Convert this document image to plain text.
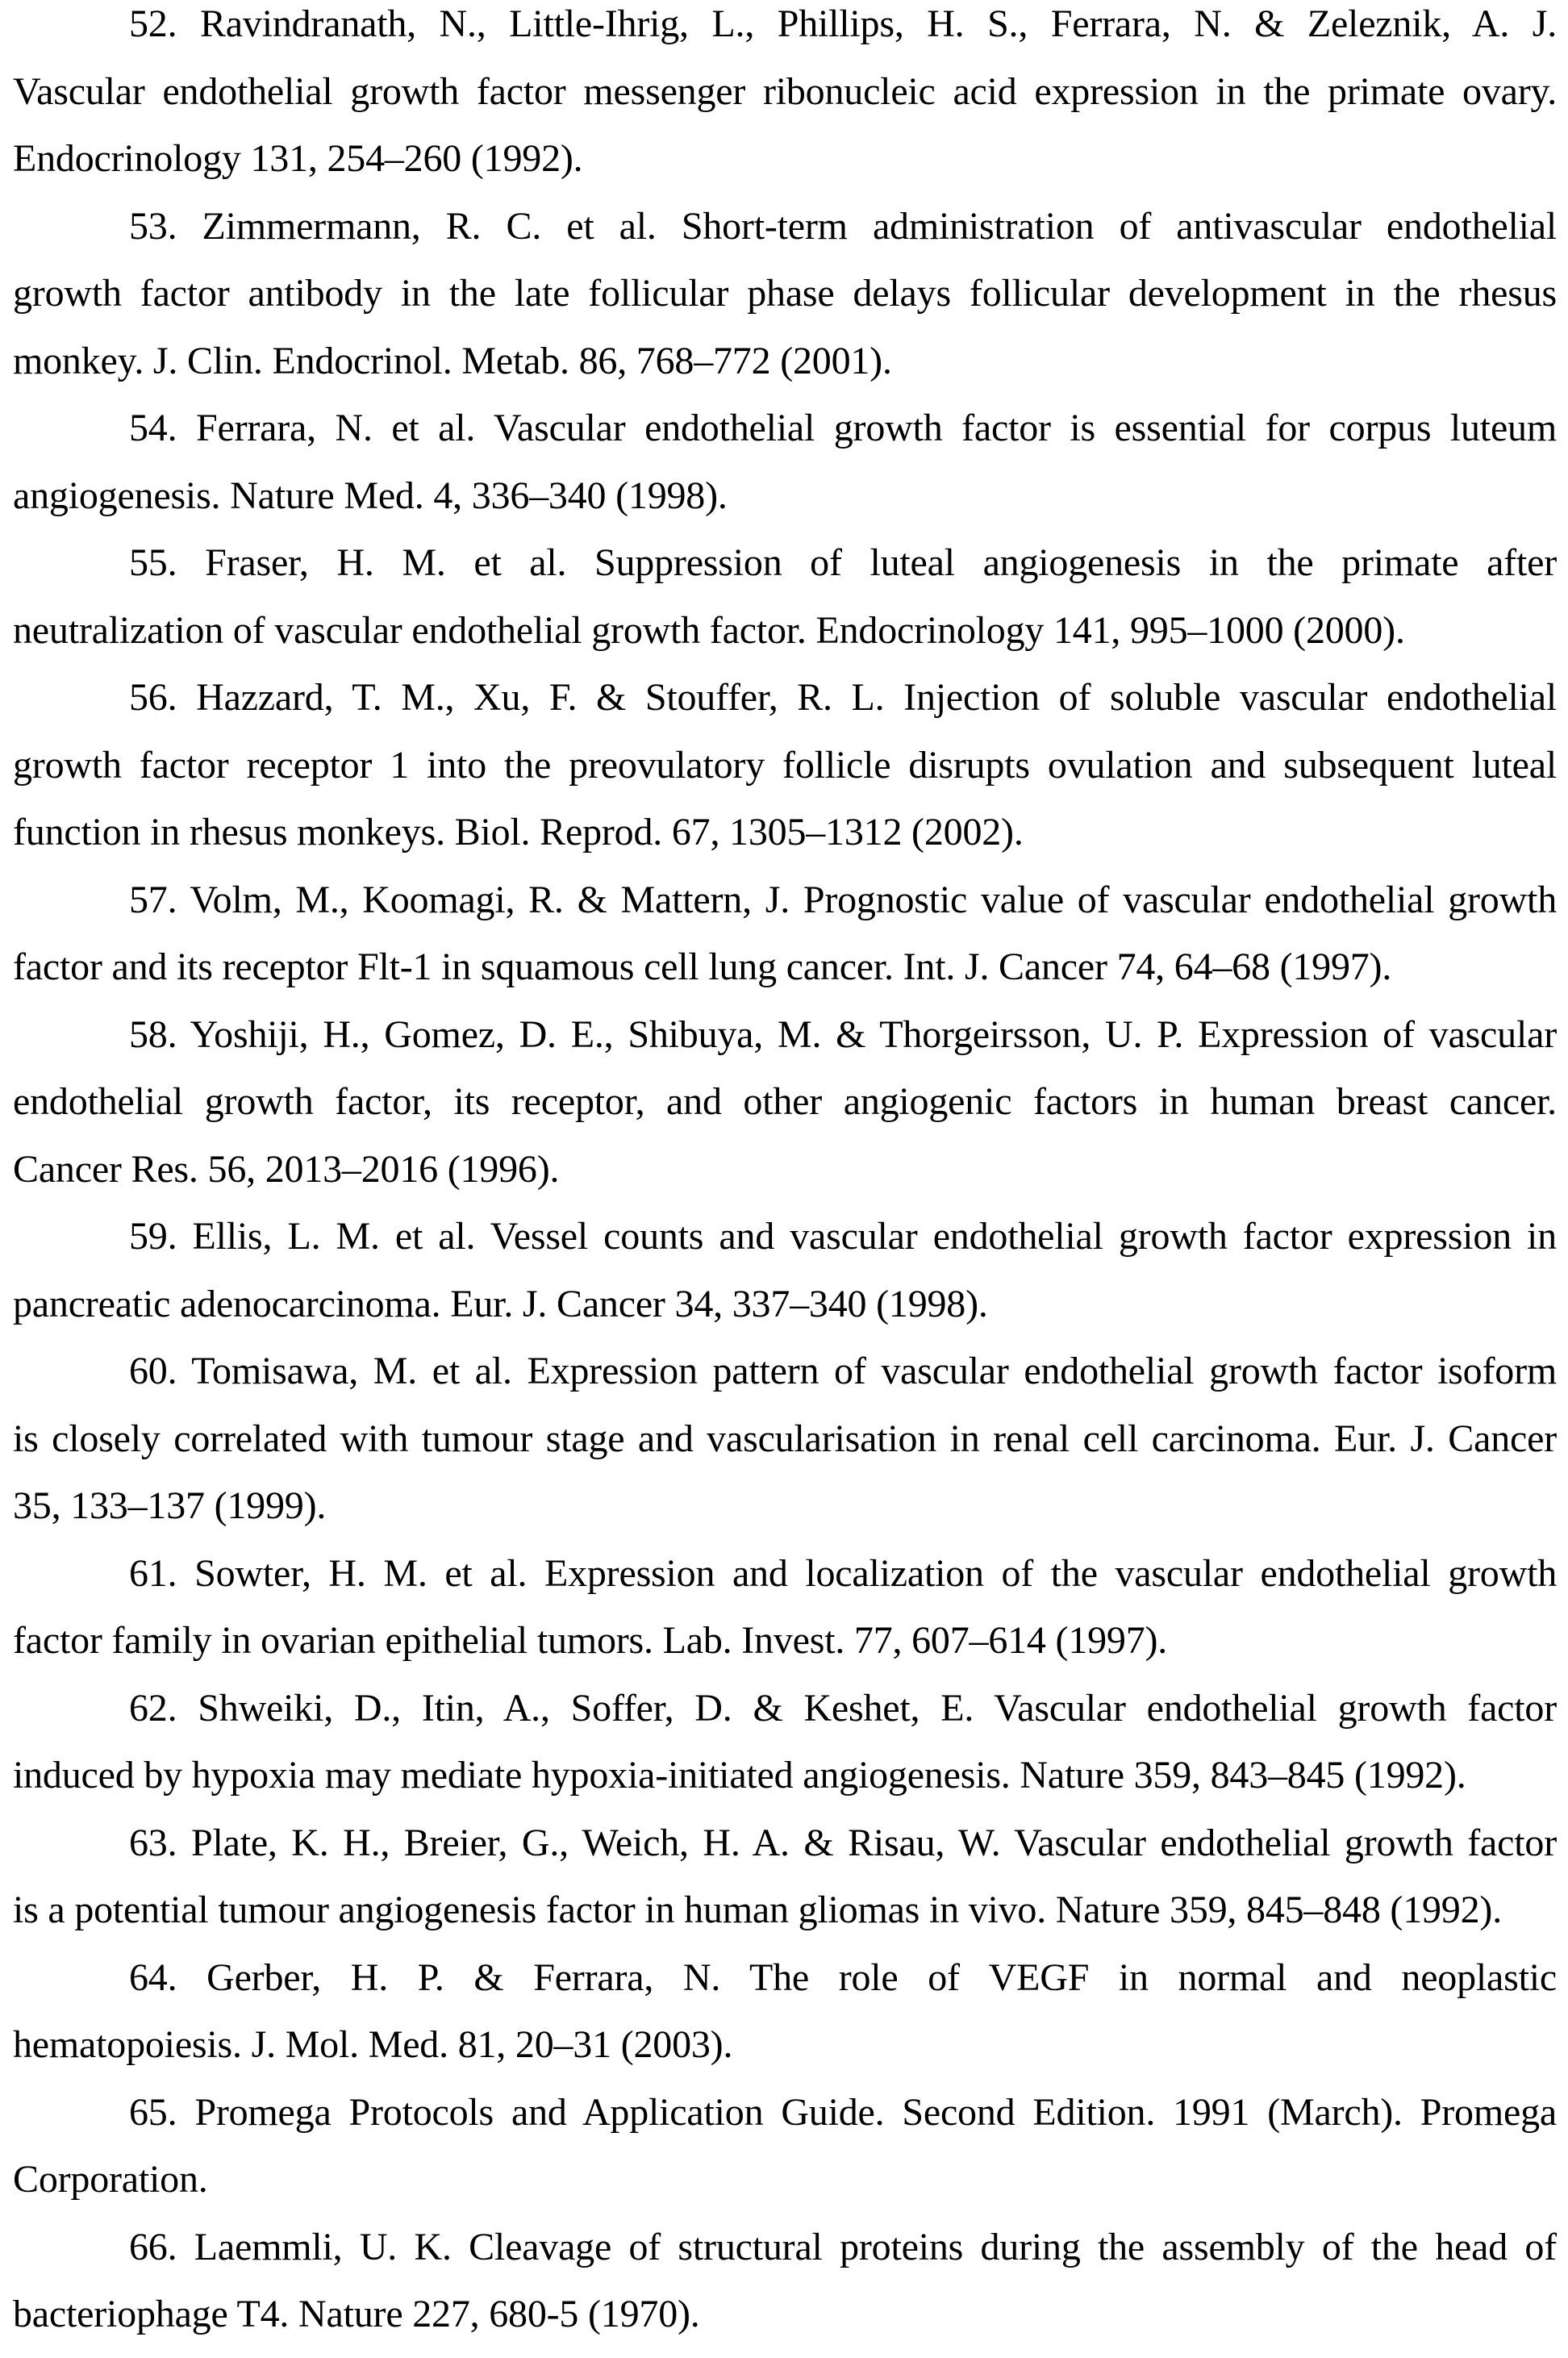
52. Ravindranath, N., Little-Ihrig, L., Phillips, H. S., Ferrara, N. & Zeleznik, A. J.
Vascular endothelial growth factor messenger ribonucleic acid expression in the primate ovary.
Endocrinology 131, 254–260 (1992).
53. Zimmermann, R. C. et al. Short-term administration of antivascular endothelial
growth factor antibody in the late follicular phase delays follicular development in the rhesus
monkey. J. Clin. Endocrinol. Metab. 86, 768–772 (2001).
54. Ferrara, N. et al. Vascular endothelial growth factor is essential for corpus luteum
angiogenesis. Nature Med. 4, 336–340 (1998).
55. Fraser, H. M. et al. Suppression of luteal angiogenesis in the primate after
neutralization of vascular endothelial growth factor. Endocrinology 141, 995–1000 (2000).
56. Hazzard, T. M., Xu, F. & Stouffer, R. L. Injection of soluble vascular endothelial
growth factor receptor 1 into the preovulatory follicle disrupts ovulation and subsequent luteal
function in rhesus monkeys. Biol. Reprod. 67, 1305–1312 (2002).
57. Volm, M., Koomagi, R. & Mattern, J. Prognostic value of vascular endothelial growth
factor and its receptor Flt-1 in squamous cell lung cancer. Int. J. Cancer 74, 64–68 (1997).
58. Yoshiji, H., Gomez, D. E., Shibuya, M. & Thorgeirsson, U. P. Expression of vascular
endothelial growth factor, its receptor, and other angiogenic factors in human breast cancer.
Cancer Res. 56, 2013–2016 (1996).
59. Ellis, L. M. et al. Vessel counts and vascular endothelial growth factor expression in
pancreatic adenocarcinoma. Eur. J. Cancer 34, 337–340 (1998).
60. Tomisawa, M. et al. Expression pattern of vascular endothelial growth factor isoform
is closely correlated with tumour stage and vascularisation in renal cell carcinoma. Eur. J. Cancer
35, 133–137 (1999).
61. Sowter, H. M. et al. Expression and localization of the vascular endothelial growth
factor family in ovarian epithelial tumors. Lab. Invest. 77, 607–614 (1997).
62. Shweiki, D., Itin, A., Soffer, D. & Keshet, E. Vascular endothelial growth factor
induced by hypoxia may mediate hypoxia-initiated angiogenesis. Nature 359, 843–845 (1992).
63. Plate, K. H., Breier, G., Weich, H. A. & Risau, W. Vascular endothelial growth factor
is a potential tumour angiogenesis factor in human gliomas in vivo. Nature 359, 845–848 (1992).
64. Gerber, H. P. & Ferrara, N. The role of VEGF in normal and neoplastic
hematopoiesis. J. Mol. Med. 81, 20–31 (2003).
65. Promega Protocols and Application Guide. Second Edition. 1991 (March). Promega
Corporation.
66. Laemmli, U. K. Cleavage of structural proteins during the assembly of the head of
bacteriophage T4. Nature 227, 680-5 (1970).
